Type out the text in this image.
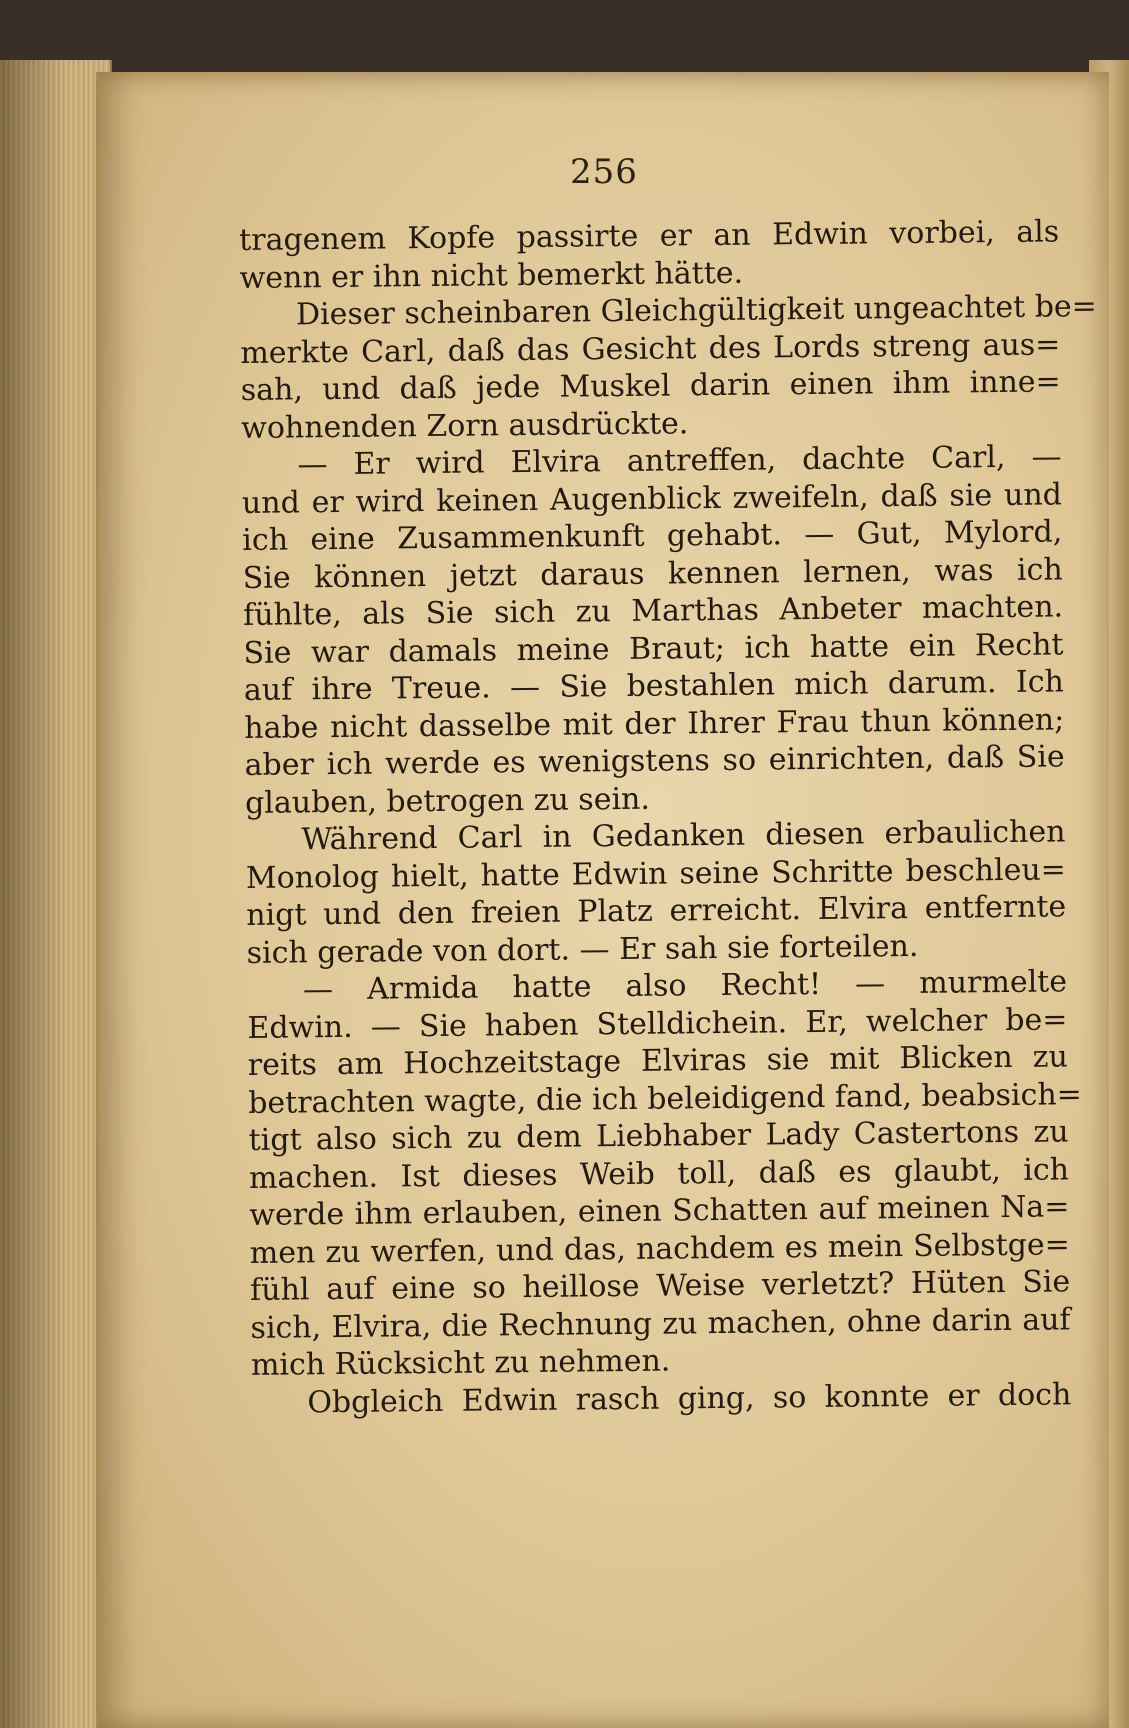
256
tragenem Kopfe passirte er an Edwin vorbei, als
wenn er ihn nicht bemerkt hätte.
Dieser scheinbaren Gleichgültigkeit ungeachtet be=
merkte Carl, daß das Gesicht des Lords streng aus=
sah, und daß jede Muskel darin einen ihm inne=
wohnenden Zorn ausdrückte.
— Er wird Elvira antreffen, dachte Carl, —
und er wird keinen Augenblick zweifeln, daß sie und
ich eine Zusammenkunft gehabt. — Gut, Mylord,
Sie können jetzt daraus kennen lernen, was ich
fühlte, als Sie sich zu Marthas Anbeter machten.
Sie war damals meine Braut; ich hatte ein Recht
auf ihre Treue. — Sie bestahlen mich darum. Ich
habe nicht dasselbe mit der Ihrer Frau thun können;
aber ich werde es wenigstens so einrichten, daß Sie
glauben, betrogen zu sein.
Während Carl in Gedanken diesen erbaulichen
Monolog hielt, hatte Edwin seine Schritte beschleu=
nigt und den freien Platz erreicht. Elvira entfernte
sich gerade von dort. — Er sah sie forteilen.
— Armida hatte also Recht! — murmelte
Edwin. — Sie haben Stelldichein. Er, welcher be=
reits am Hochzeitstage Elviras sie mit Blicken zu
betrachten wagte, die ich beleidigend fand, beabsich=
tigt also sich zu dem Liebhaber Lady Castertons zu
machen. Ist dieses Weib toll, daß es glaubt, ich
werde ihm erlauben, einen Schatten auf meinen Na=
men zu werfen, und das, nachdem es mein Selbstge=
fühl auf eine so heillose Weise verletzt? Hüten Sie
sich, Elvira, die Rechnung zu machen, ohne darin auf
mich Rücksicht zu nehmen.
Obgleich Edwin rasch ging, so konnte er doch
